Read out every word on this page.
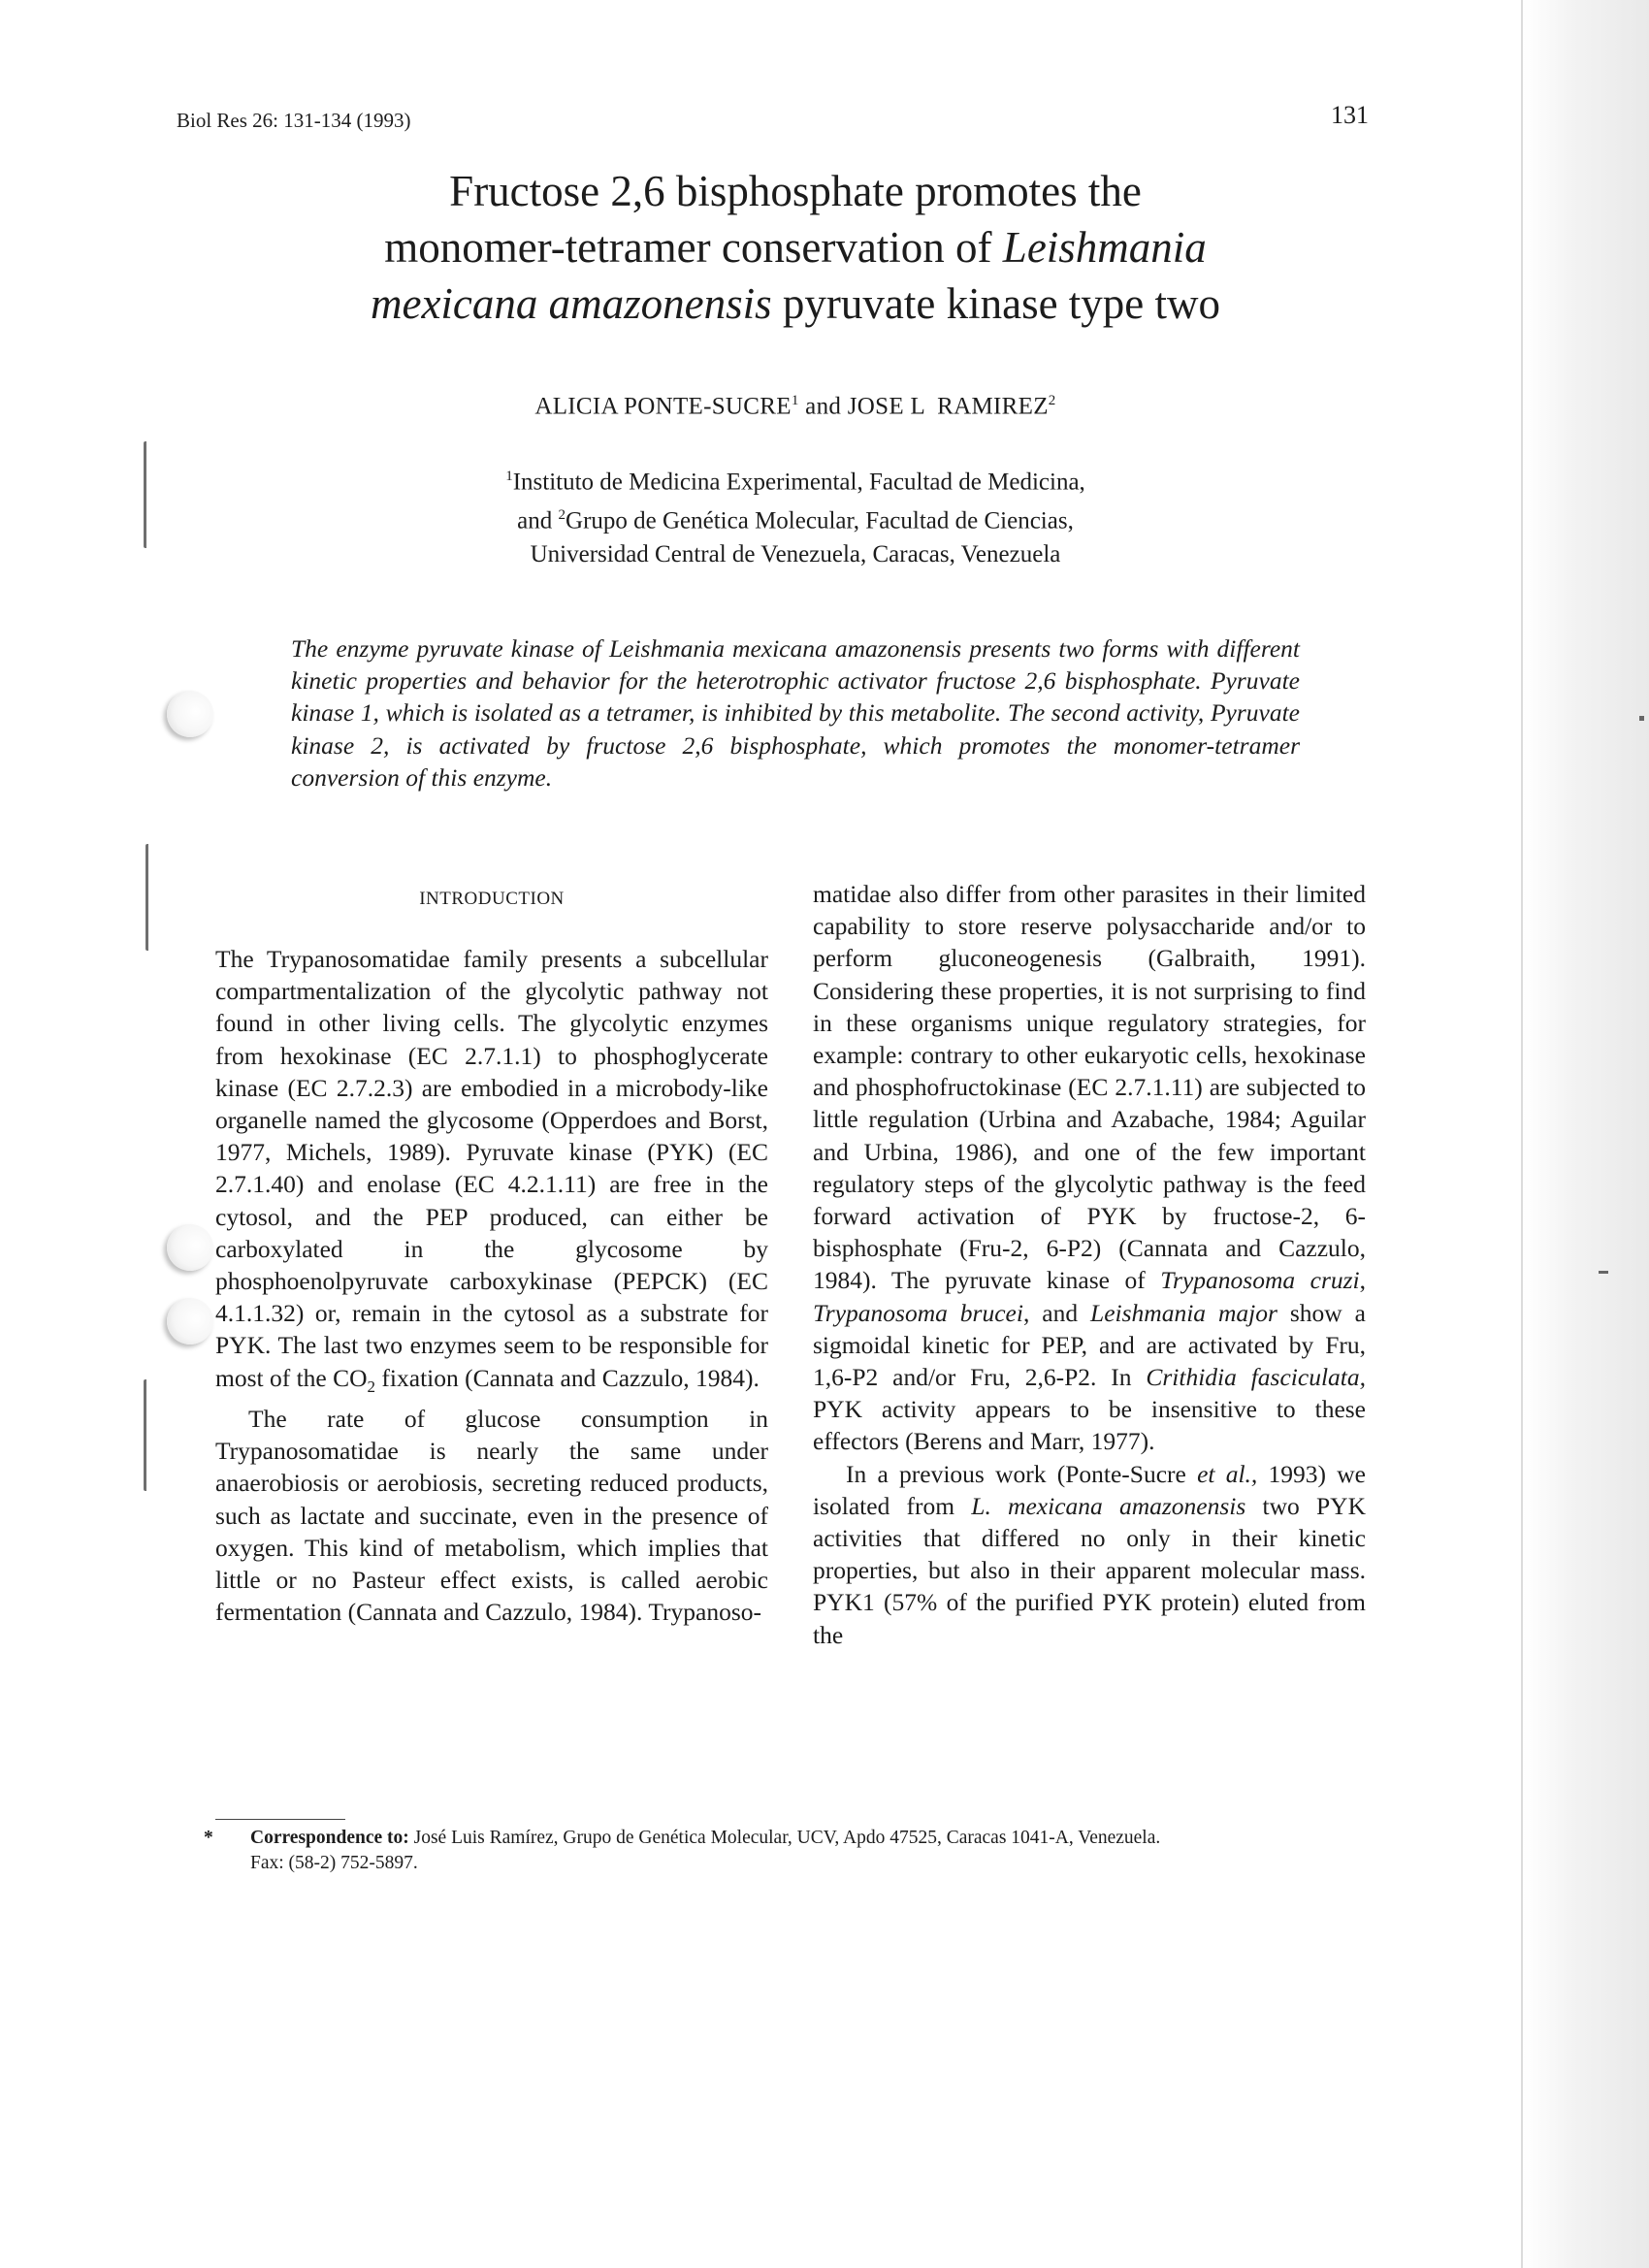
Biol Res 26: 131-134 (1993)	131
Fructose 2,6 bisphosphate promotes the
monomer-tetramer conservation of Leishmania
mexicana amazonensis pyruvate kinase type two
ALICIA PONTE-SUCRE$^1$ and JOSE L  RAMIREZ$^2$
$^1$Instituto de Medicina Experimental, Facultad de Medicina,
and $^2$Grupo de Genética Molecular, Facultad de Ciencias,
Universidad Central de Venezuela, Caracas, Venezuela

The enzyme pyruvate kinase of Leishmania mexicana amazonensis presents two forms with different kinetic properties and behavior for the heterotrophic activator fructose 2,6 bisphosphate. Pyruvate kinase 1, which is isolated as a tetramer, is inhibited by this metabolite. The second activity, Pyruvate kinase 2, is activated by fructose 2,6 bisphosphate, which promotes the monomer-tetramer conversion of this enzyme.

INTRODUCTION

The Trypanosomatidae family presents a subcellular compartmentalization of the glycolytic pathway not found in other living cells. The glycolytic enzymes from hexokinase (EC 2.7.1.1) to phosphoglycerate kinase (EC 2.7.2.3) are embodied in a microbody-like organelle named the glycosome (Opperdoes and Borst, 1977, Michels, 1989). Pyruvate kinase (PYK) (EC 2.7.1.40) and enolase (EC 4.2.1.11) are free in the cytosol, and the PEP produced, can either be carboxylated in the glycosome by phosphoenolpyruvate carboxykinase (PEPCK) (EC 4.1.1.32) or, remain in the cytosol as a substrate for PYK. The last two enzymes seem to be responsible for most of the $CO_2$ fixation (Cannata and Cazzulo, 1984).

The rate of glucose consumption in Trypanosomatidae is nearly the same under anaerobiosis or aerobiosis, secreting reduced products, such as lactate and succinate, even in the presence of oxygen. This kind of metabolism, which implies that little or no Pasteur effect exists, is called aerobic fermentation (Cannata and Cazzulo, 1984). Trypanoso-

matidae also differ from other parasites in their limited capability to store reserve polysaccharide and/or to perform gluconeogenesis (Galbraith, 1991). Considering these properties, it is not surprising to find in these organisms unique regulatory strategies, for example: contrary to other eukaryotic cells, hexokinase and phosphofructokinase (EC 2.7.1.11) are subjected to little regulation (Urbina and Azabache, 1984; Aguilar and Urbina, 1986), and one of the few important regulatory steps of the glycolytic pathway is the feed forward activation of PYK by fructose-2, 6-bisphosphate (Fru-2, 6-P2) (Cannata and Cazzulo, 1984). The pyruvate kinase of Trypanosoma cruzi, Trypanosoma brucei, and Leishmania major show a sigmoidal kinetic for PEP, and are activated by Fru, 1,6-P2 and/or Fru, 2,6-P2. In Crithidia fasciculata, PYK activity appears to be insensitive to these effectors (Berens and Marr, 1977).

In a previous work (Ponte-Sucre et al., 1993) we isolated from L. mexicana amazonensis two PYK activities that differed no only in their kinetic properties, but also in their apparent molecular mass. PYK1 (57% of the purified PYK protein) eluted from the

* Correspondence to: José Luis Ramírez, Grupo de Genética Molecular, UCV, Apdo 47525, Caracas 1041-A, Venezuela.
Fax: (58-2) 752-5897.
